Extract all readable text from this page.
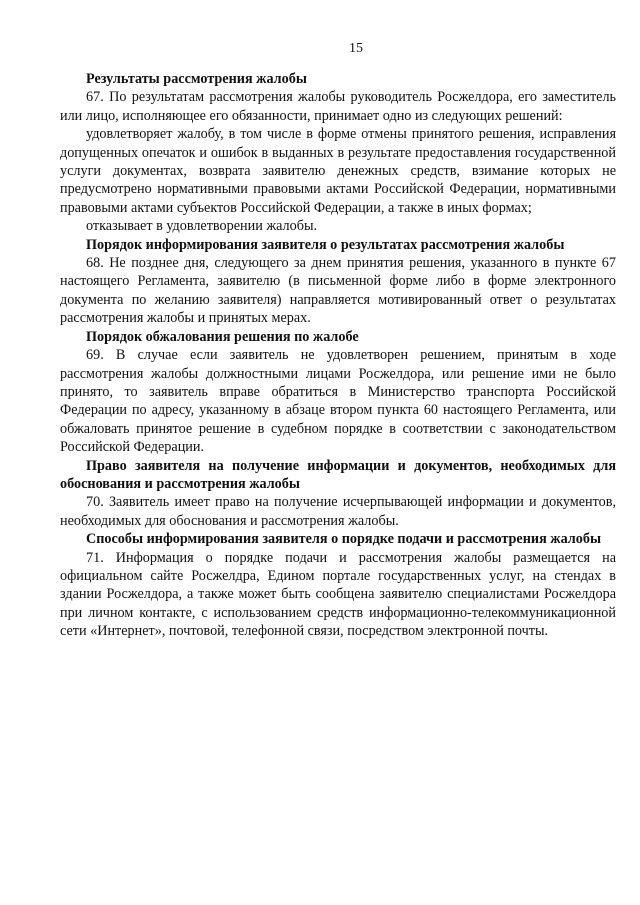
15

Результаты рассмотрения жалобы

67. По результатам рассмотрения жалобы руководитель Росжелдора, его заместитель или лицо, исполняющее его обязанности, принимает одно из следующих решений:

удовлетворяет жалобу, в том числе в форме отмены принятого решения, исправления допущенных опечаток и ошибок в выданных в результате предоставления государственной услуги документах, возврата заявителю денежных средств, взимание которых не предусмотрено нормативными правовыми актами Российской Федерации, нормативными правовыми актами субъектов Российской Федерации, а также в иных формах;

отказывает в удовлетворении жалобы.

Порядок информирования заявителя о результатах рассмотрения жалобы

68. Не позднее дня, следующего за днем принятия решения, указанного в пункте 67 настоящего Регламента, заявителю (в письменной форме либо в форме электронного документа по желанию заявителя) направляется мотивированный ответ о результатах рассмотрения жалобы и принятых мерах.

Порядок обжалования решения по жалобе

69. В случае если заявитель не удовлетворен решением, принятым в ходе рассмотрения жалобы должностными лицами Росжелдора, или решение ими не было принято, то заявитель вправе обратиться в Министерство транспорта Российской Федерации по адресу, указанному в абзаце втором пункта 60 настоящего Регламента, или обжаловать принятое решение в судебном порядке в соответствии с законодательством Российской Федерации.

Право заявителя на получение информации и документов, необходимых для обоснования и рассмотрения жалобы

70. Заявитель имеет право на получение исчерпывающей информации и документов, необходимых для обоснования и рассмотрения жалобы.

Способы информирования заявителя о порядке подачи и рассмотрения жалобы

71. Информация о порядке подачи и рассмотрения жалобы размещается на официальном сайте Росжелдра, Едином портале государственных услуг, на стендах в здании Росжелдора, а также может быть сообщена заявителю специалистами Росжелдора при личном контакте, с использованием средств информационно-телекоммуникационной сети «Интернет», почтовой, телефонной связи, посредством электронной почты.
